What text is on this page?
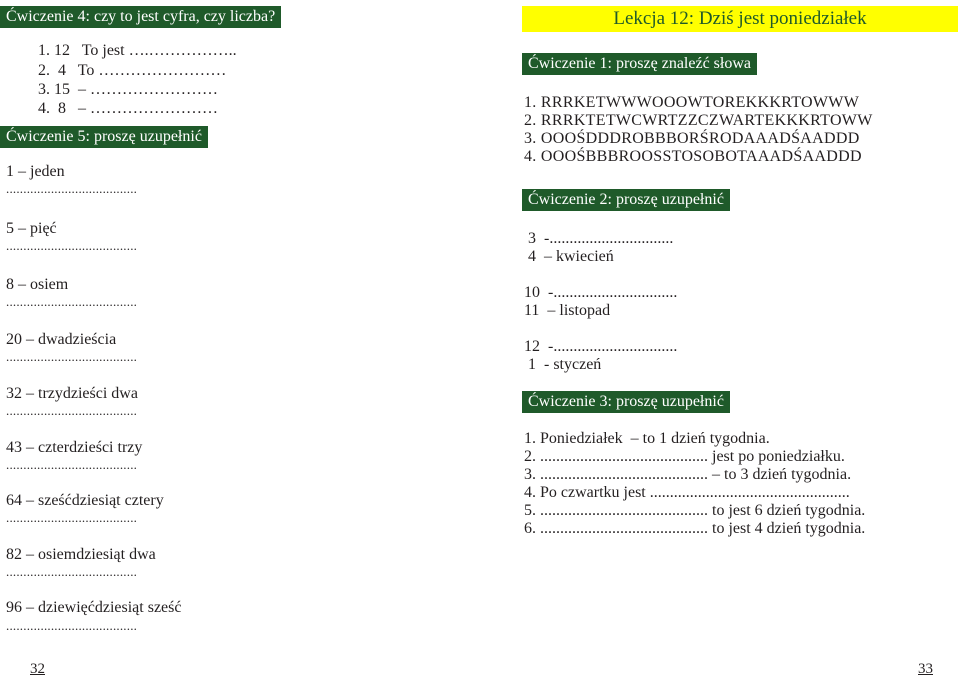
Ćwiczenie 4: czy to jest cyfra, czy liczba?
1. 12   To jest ….……………..
2.  4   To ……………………
3. 15  – ……………………
4.  8   – ……………………
Ćwiczenie 5: proszę uzupełnić
1 – jeden
......................................
5 – pięć
......................................
8 – osiem
......................................
20 – dwadzieścia
......................................
32 – trzydzieści dwa
......................................
43 – czterdzieści trzy
......................................
64 – sześćdziesiąt cztery
......................................
82 – osiemdziesiąt dwa
......................................
96 – dziewięćdziesiąt sześć
......................................
32
Lekcja 12: Dziś jest poniedziałek
Ćwiczenie 1: proszę znaleźć słowa
1. RRRKETWWWOOOWTOREKKKRTOWWW
2. RRRKTETWCWRTZZCZWARTEKKKRTOWW
3. OOOŚDDDROBBBORŚRODAAADŚAADDD
4. OOOŚBBBROOSSTOSOBOTAAADŚAADDD
Ćwiczenie 2: proszę uzupełnić
3  -...............................
4  – kwiecień
10  -...............................
11  – listopad
12  -...............................
1  - styczeń
Ćwiczenie 3: proszę uzupełnić
1. Poniedziałek  – to 1 dzień tygodnia.
2. .......................................... jest po poniedziałku.
3. .......................................... – to 3 dzień tygodnia.
4. Po czwartku jest ..................................................
5. .......................................... to jest 6 dzień tygodnia.
6. .......................................... to jest 4 dzień tygodnia.
33
